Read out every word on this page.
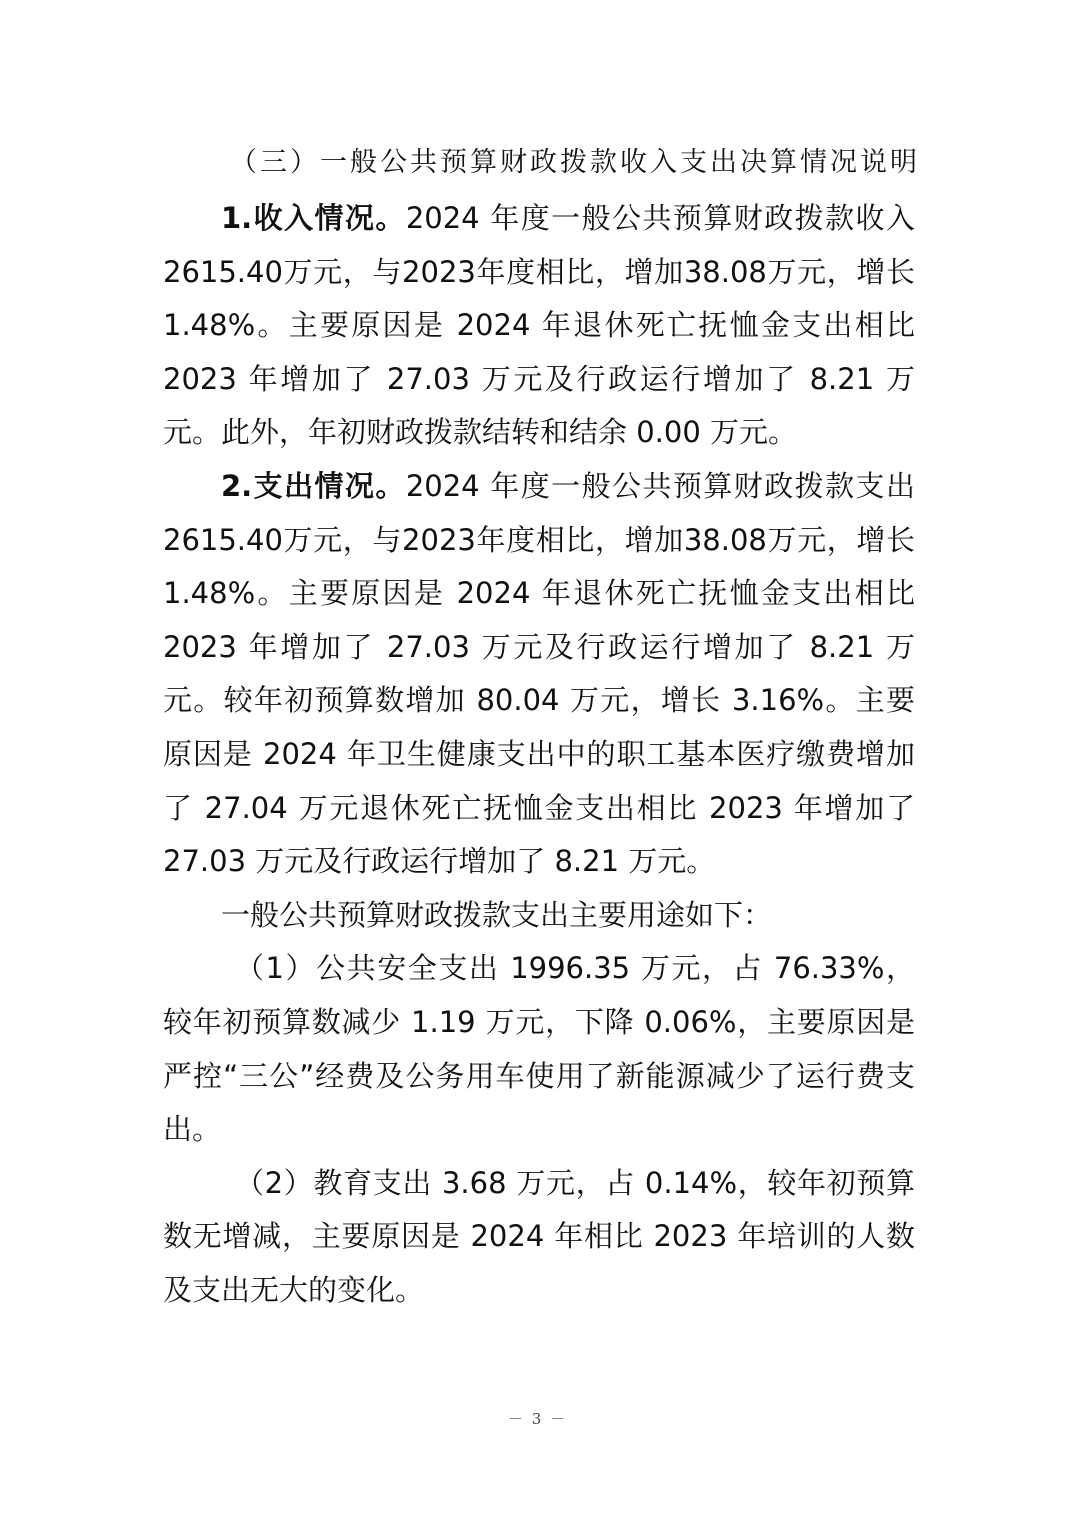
（三）一般公共预算财政拨款收入支出决算情况说明

1.收入情况。2024 年度一般公共预算财政拨款收入 2615.40万元，与2023年度相比，增加38.08万元，增长1.48%。主要原因是 2024 年退休死亡抚恤金支出相比 2023 年增加了 27.03 万元及行政运行增加了 8.21 万元。此外，年初财政拨款结转和结余 0.00 万元。

2.支出情况。2024 年度一般公共预算财政拨款支出 2615.40万元，与2023年度相比，增加38.08万元，增长1.48%。主要原因是 2024 年退休死亡抚恤金支出相比 2023 年增加了 27.03 万元及行政运行增加了 8.21 万元。较年初预算数增加 80.04 万元，增长 3.16%。主要原因是 2024 年卫生健康支出中的职工基本医疗缴费增加了 27.04 万元退休死亡抚恤金支出相比 2023 年增加了 27.03 万元及行政运行增加了 8.21 万元。

一般公共预算财政拨款支出主要用途如下：

（1）公共安全支出 1996.35 万元，占 76.33%，较年初预算数减少 1.19 万元，下降 0.06%，主要原因是严控“三公”经费及公务用车使用了新能源减少了运行费支出。

（2）教育支出 3.68 万元，占 0.14%，较年初预算数无增减，主要原因是 2024 年相比 2023 年培训的人数及支出无大的变化。

－ 3 －
